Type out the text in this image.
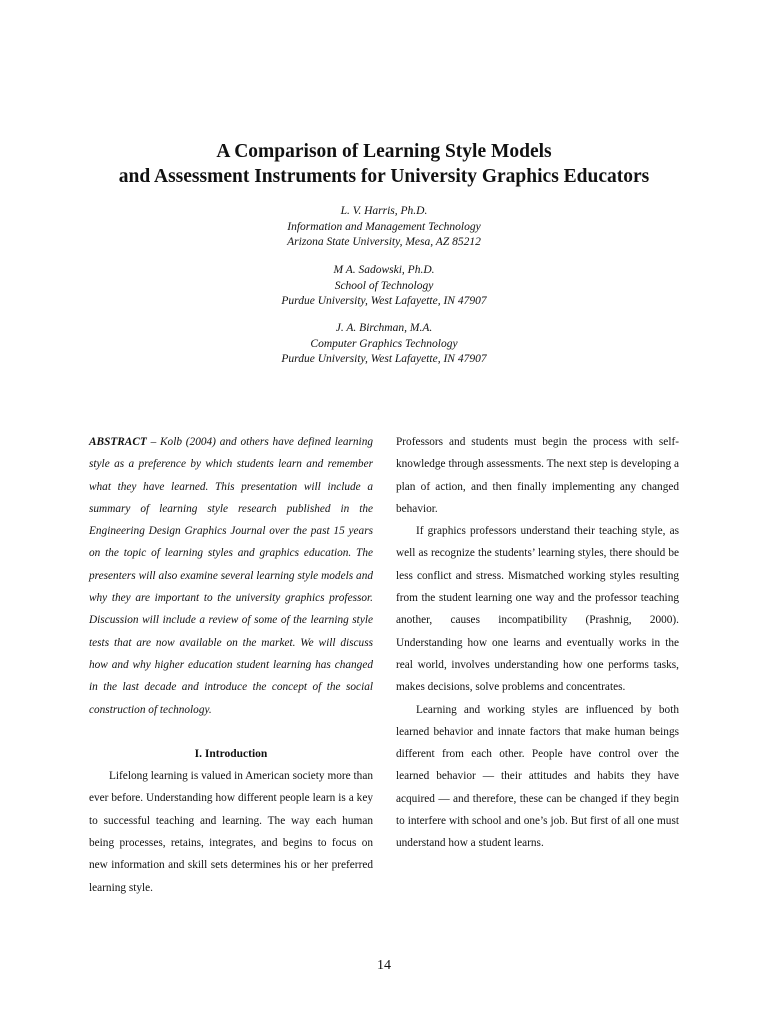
A Comparison of Learning Style Models
and Assessment Instruments for University Graphics Educators
L. V. Harris, Ph.D.
Information and Management Technology
Arizona State University, Mesa, AZ 85212
M A. Sadowski, Ph.D.
School of Technology
Purdue University, West Lafayette, IN 47907
J. A. Birchman, M.A.
Computer Graphics Technology
Purdue University, West Lafayette, IN 47907

ABSTRACT – Kolb (2004) and others have defined learning style as a preference by which students learn and remember what they have learned. This presentation will include a summary of learning style research published in the Engineering Design Graphics Journal over the past 15 years on the topic of learning styles and graphics education. The presenters will also examine several learning style models and why they are important to the university graphics professor. Discussion will include a review of some of the learning style tests that are now available on the market. We will discuss how and why higher education student learning has changed in the last decade and introduce the concept of the social construction of technology.

I. Introduction

Lifelong learning is valued in American society more than ever before. Understanding how different people learn is a key to successful teaching and learning. The way each human being processes, retains, integrates, and begins to focus on new information and skill sets determines his or her preferred learning style.

Professors and students must begin the process with self-knowledge through assessments. The next step is developing a plan of action, and then finally implementing any changed behavior.

If graphics professors understand their teaching style, as well as recognize the students’ learning styles, there should be less conflict and stress. Mismatched working styles resulting from the student learning one way and the professor teaching another, causes incompatibility (Prashnig, 2000). Understanding how one learns and eventually works in the real world, involves understanding how one performs tasks, makes decisions, solve problems and concentrates.

Learning and working styles are influenced by both learned behavior and innate factors that make human beings different from each other. People have control over the learned behavior — their attitudes and habits they have acquired — and therefore, these can be changed if they begin to interfere with school and one’s job. But first of all one must understand how a student learns.

14
